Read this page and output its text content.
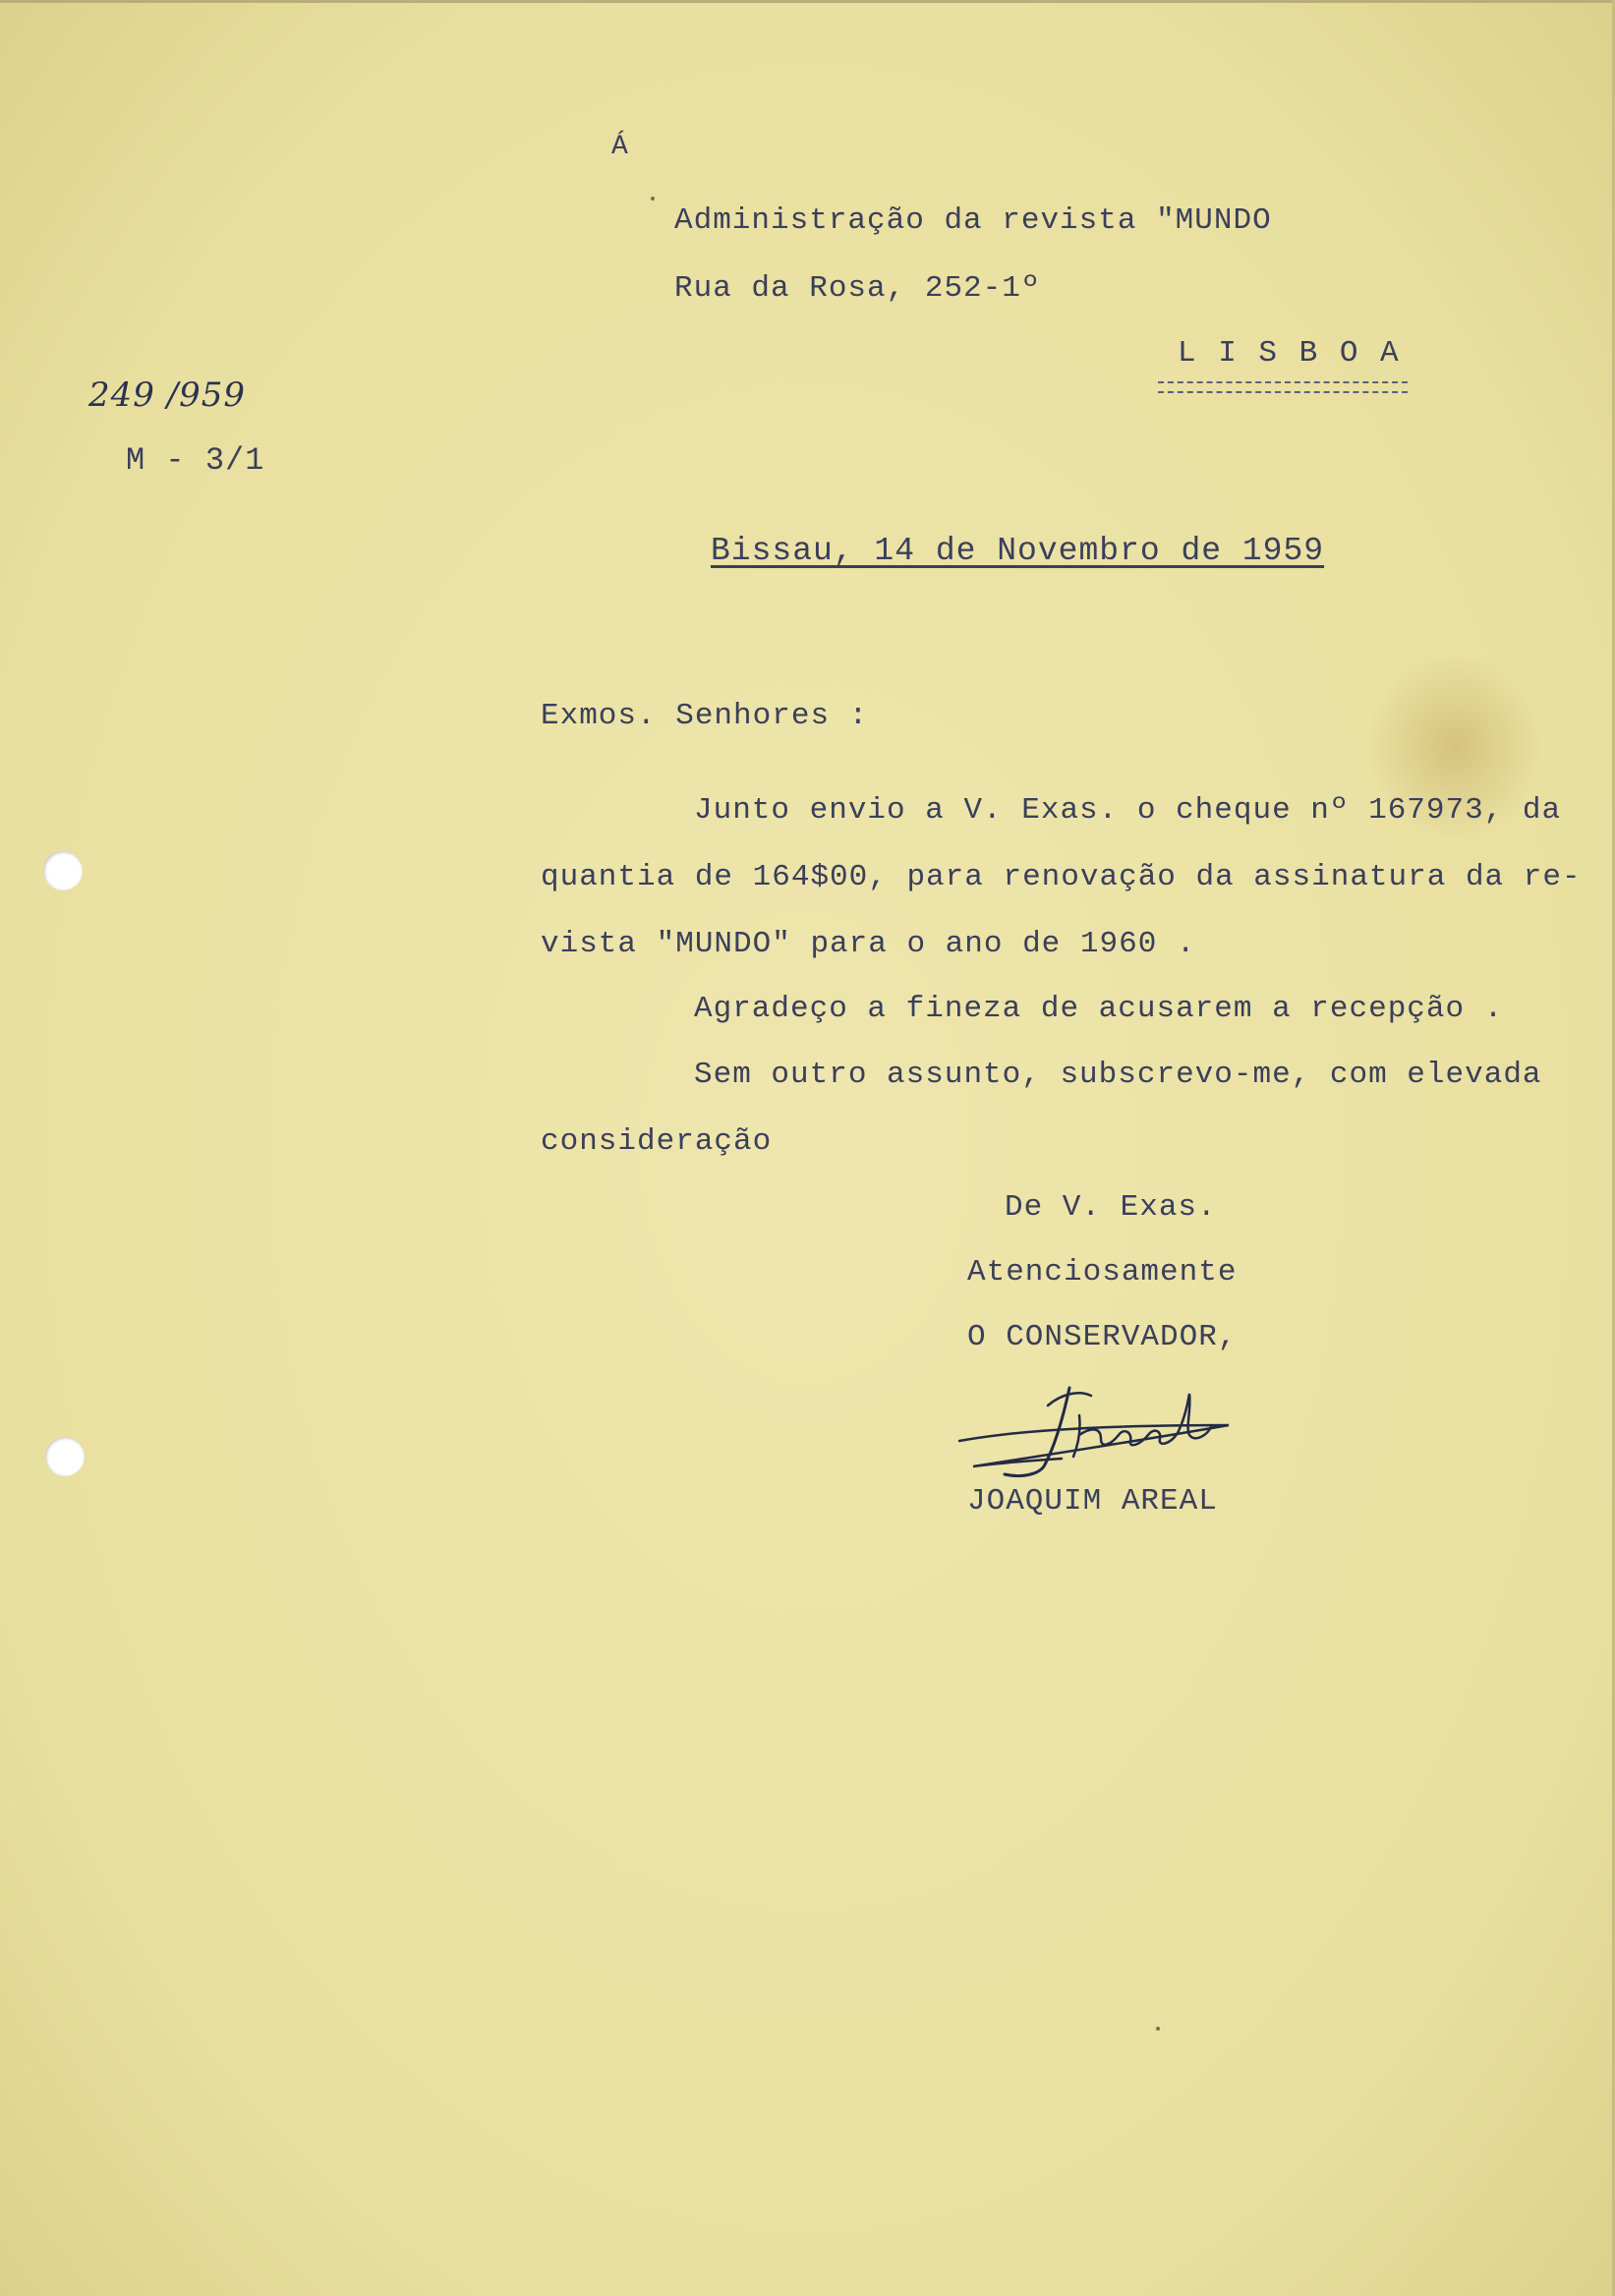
Á
Administração da revista "MUNDO
Rua da Rosa, 252-1º
L I S B O A
249 /959
M - 3/1
Bissau, 14 de Novembro de 1959
Exmos. Senhores :
Junto envio a V. Exas. o cheque nº 167973, da
quantia de 164$00, para renovação da assinatura da re-
vista "MUNDO" para o ano de 1960 .
Agradeço a fineza de acusarem a recepção .
Sem outro assunto, subscrevo-me, com elevada
consideração
De V. Exas.
Atenciosamente
O CONSERVADOR,
JOAQUIM AREAL
